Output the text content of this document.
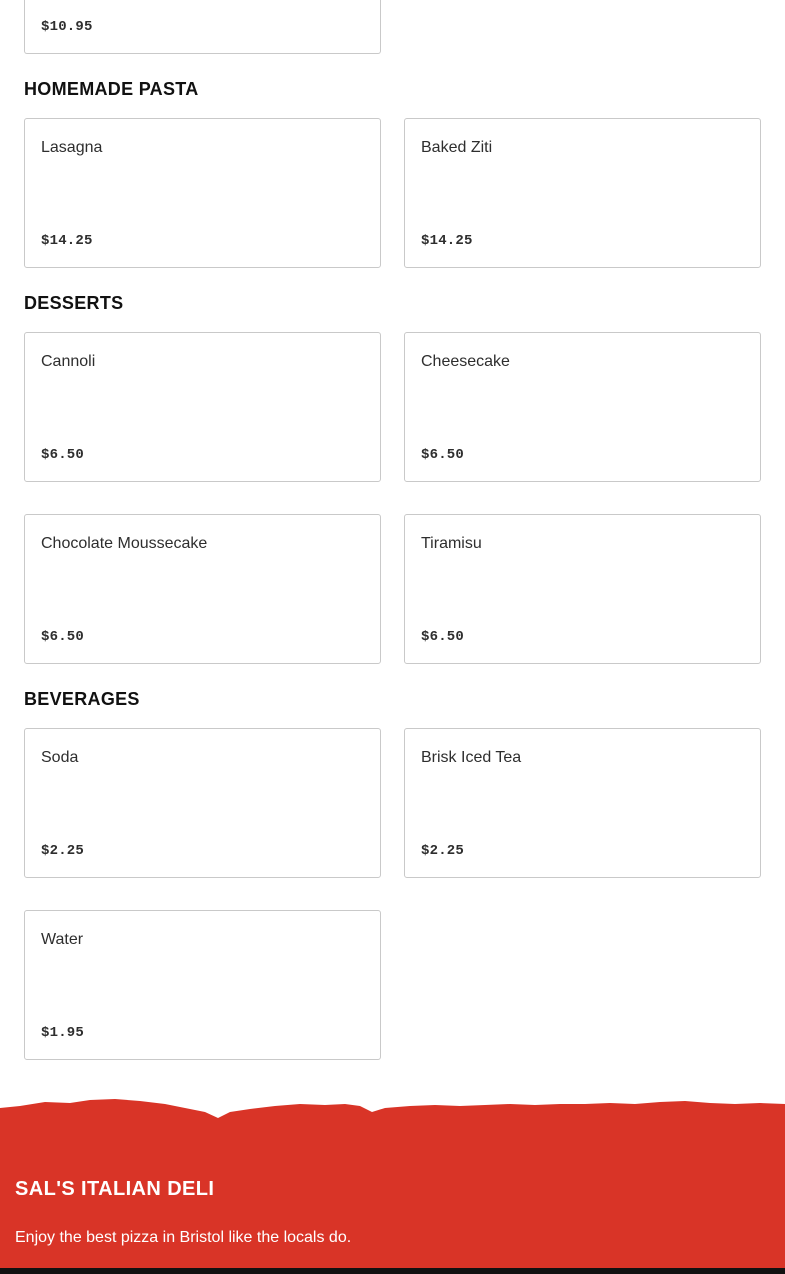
$10.95
HOMEMADE PASTA
Lasagna
$14.25
Baked Ziti
$14.25
DESSERTS
Cannoli
$6.50
Cheesecake
$6.50
Chocolate Moussecake
$6.50
Tiramisu
$6.50
BEVERAGES
Soda
$2.25
Brisk Iced Tea
$2.25
Water
$1.95
SAL'S ITALIAN DELI
Enjoy the best pizza in Bristol like the locals do.
